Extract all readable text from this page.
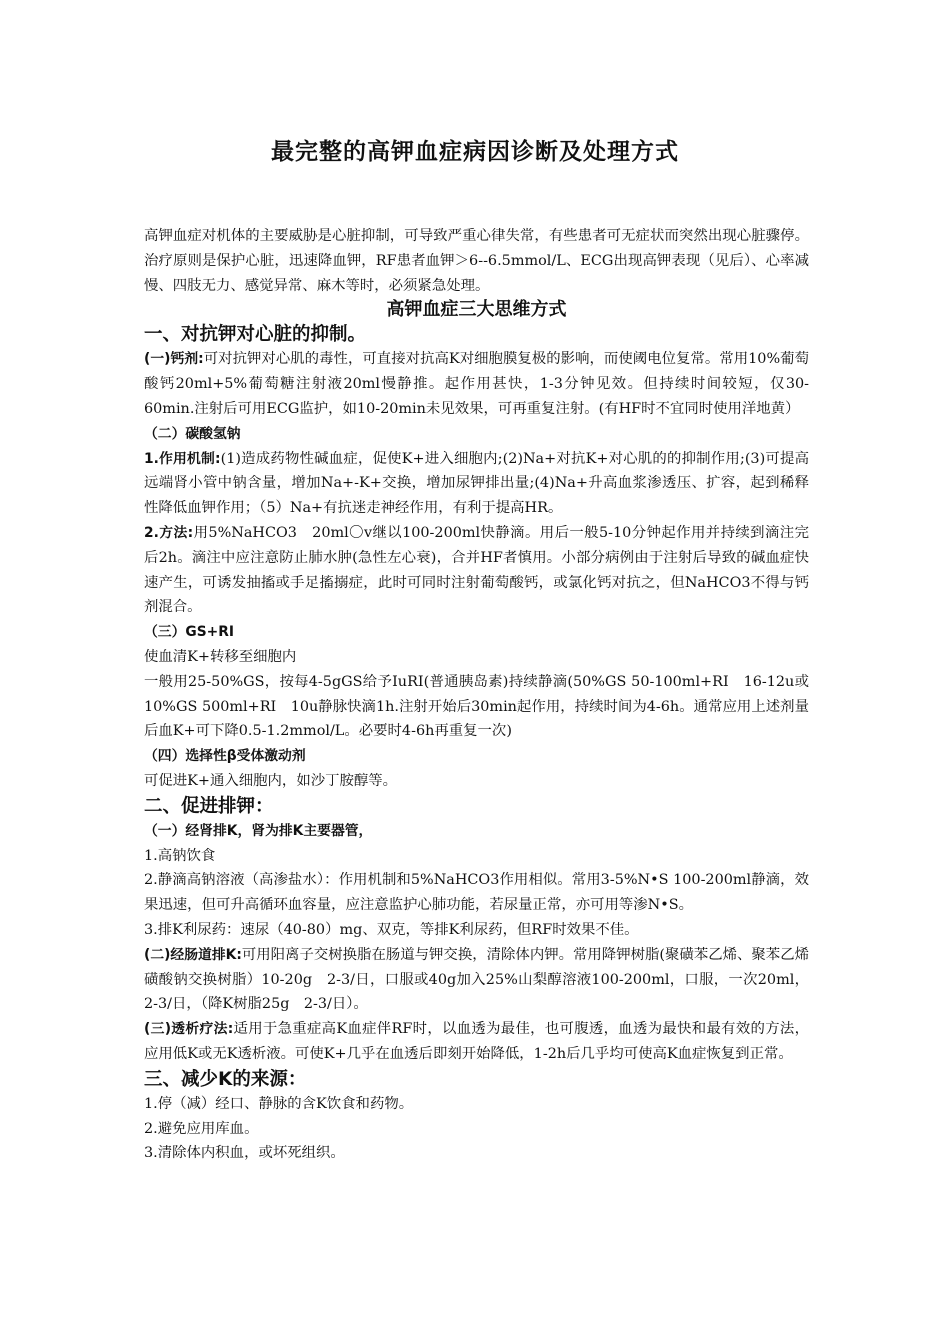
最完整的高钾血症病因诊断及处理方式

高钾血症对机体的主要威胁是心脏抑制，可导致严重心律失常，有些患者可无症状而突然出现心脏骤停。治疗原则是保护心脏，迅速降血钾，RF患者血钾＞6--6.5mmol/L、ECG出现高钾表现（见后）、心率减慢、四肢无力、感觉异常、麻木等时，必须紧急处理。

高钾血症三大思维方式

一、对抗钾对心脏的抑制。

(一)钙剂:可对抗钾对心肌的毒性，可直接对抗高K对细胞膜复极的影响，而使阈电位复常。常用10%葡萄酸钙20ml+5%葡萄糖注射液20ml慢静推。起作用甚快，1-3分钟见效。但持续时间较短，仅30-60min.注射后可用ECG监护，如10-20min未见效果，可再重复注射。(有HF时不宜同时使用洋地黄）

（二）碳酸氢钠

1.作用机制:(1)造成药物性碱血症，促使K+进入细胞内;(2)Na+对抗K+对心肌的的抑制作用;(3)可提高远端肾小管中钠含量，增加Na+-K+交换，增加尿钾排出量;(4)Na+升高血浆渗透压、扩容，起到稀释性降低血钾作用；（5）Na+有抗迷走神经作用，有利于提高HR。

2.方法:用5%NaHCO3　20ml〇v继以100-200ml快静滴。用后一般5-10分钟起作用并持续到滴注完后2h。滴注中应注意防止肺水肿(急性左心衰)，合并HF者慎用。小部分病例由于注射后导致的碱血症快速产生，可诱发抽搐或手足搐搦症，此时可同时注射葡萄酸钙，或氯化钙对抗之，但NaHCO3不得与钙剂混合。

（三）GS+RI

使血清K+转移至细胞内

一般用25-50%GS，按每4-5gGS给予IuRI(普通胰岛素)持续静滴(50%GS 50-100ml+RI　16-12u或10%GS 500ml+RI　10u静脉快滴1h.注射开始后30min起作用，持续时间为4-6h。通常应用上述剂量后血K+可下降0.5-1.2mmol/L。必要时4-6h再重复一次)

（四）选择性β受体激动剂

可促进K+通入细胞内，如沙丁胺醇等。

二、促进排钾：

（一）经肾排K，肾为排K主要器管，

1.高钠饮食

2.静滴高钠溶液（高渗盐水）：作用机制和5%NaHCO3作用相似。常用3-5%N•S 100-200ml静滴，效果迅速，但可升高循环血容量，应注意监护心肺功能，若尿量正常，亦可用等渗N•S。

3.排K利尿药：速尿（40-80）mg、双克，等排K利尿药，但RF时效果不佳。

(二)经肠道排K:可用阳离子交树换脂在肠道与钾交换，清除体内钾。常用降钾树脂(聚磺苯乙烯、聚苯乙烯磺酸钠交换树脂）10-20g　2-3/日，口服或40g加入25%山梨醇溶液100-200ml，口服，一次20ml，2-3/日，（降K树脂25g　2-3/日）。

(三)透析疗法:适用于急重症高K血症伴RF时，以血透为最佳，也可腹透，血透为最快和最有效的方法，应用低K或无K透析液。可使K+几乎在血透后即刻开始降低，1-2h后几乎均可使高K血症恢复到正常。

三、减少K的来源：

1.停（减）经口、静脉的含K饮食和药物。

2.避免应用库血。

3.清除体内积血，或坏死组织。
